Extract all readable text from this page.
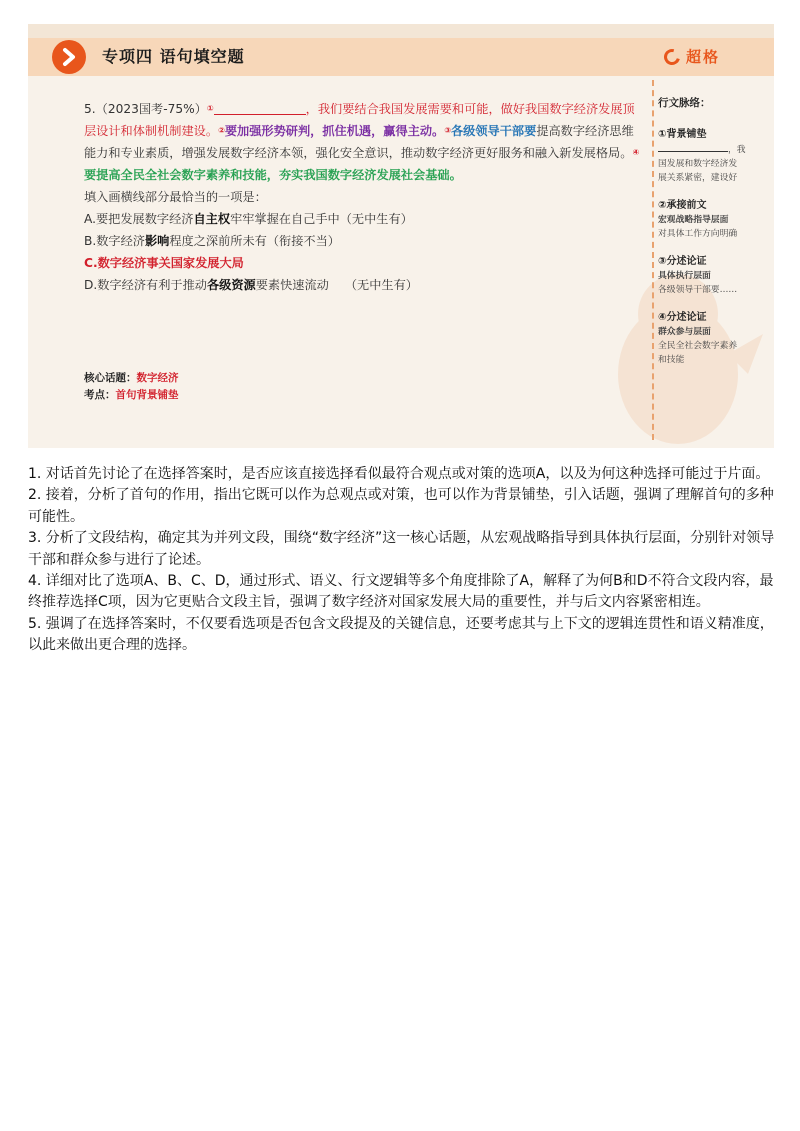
专项四 语句填空题	超格
5.（2023国考-75%）①	，我们要结合我国发展需要和可能，做好我国数字经济发展顶层设计和体制机制建设。②要加强形势研判，抓住机遇，赢得主动。③各级领导干部要提高数字经济思维能力和专业素质，增强发展数字经济本领，强化安全意识，推动数字经济更好服务和融入新发展格局。④要提高全民全社会数字素养和技能，夯实我国数字经济发展社会基础。
填入画横线部分最恰当的一项是：
A.要把发展数字经济自主权牢牢掌握在自己手中（无中生有）
B.数字经济影响程度之深前所未有（衔接不当）
C.数字经济事关国家发展大局
D.数字经济有利于推动各级资源要素快速流动 （无中生有）
核心话题：数字经济
考点：首句背景铺垫
行文脉络：
①背景铺垫
，我
国发展和数字经济发
展关系紧密，建设好
②承接前文
宏观战略指导层面
对具体工作方向明确
③分述论证
具体执行层面
各级领导干部要……
④分述论证
群众参与层面
全民全社会数字素养
和技能
1. 对话首先讨论了在选择答案时，是否应该直接选择看似最符合观点或对策的选项A，以及为何这种选择可能过于片面。
2. 接着，分析了首句的作用，指出它既可以作为总观点或对策，也可以作为背景铺垫，引入话题，强调了理解首句的多种可能性。
3. 分析了文段结构，确定其为并列文段，围绕“数字经济”这一核心话题，从宏观战略指导到具体执行层面，分别针对领导干部和群众参与进行了论述。
4. 详细对比了选项A、B、C、D，通过形式、语义、行文逻辑等多个角度排除了A，解释了为何B和D不符合文段内容，最终推荐选择C项，因为它更贴合文段主旨，强调了数字经济对国家发展大局的重要性，并与后文内容紧密相连。
5. 强调了在选择答案时，不仅要看选项是否包含文段提及的关键信息，还要考虑其与上下文的逻辑连贯性和语义精准度，以此来做出更合理的选择。
